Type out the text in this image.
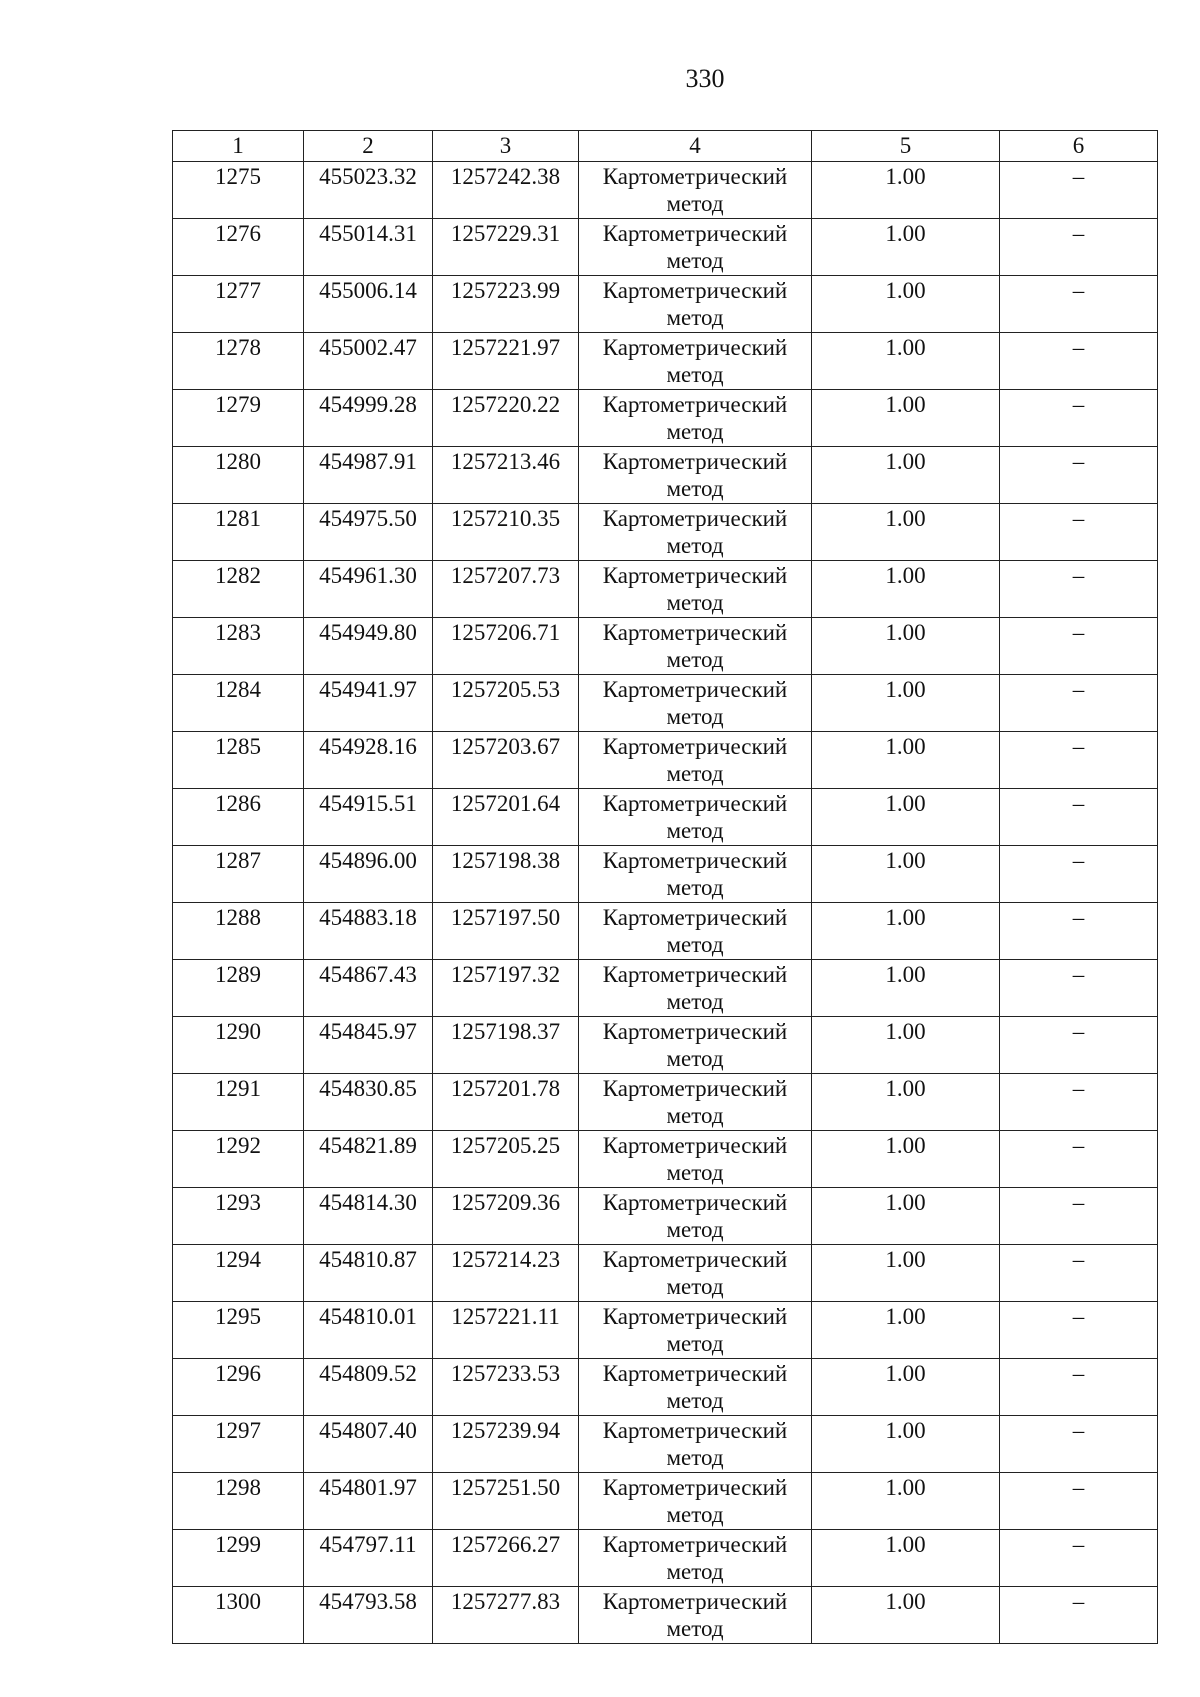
330
1	2	3	4	5	6
1275	455023.32	1257242.38	Картометрический метод	1.00	–
1276	455014.31	1257229.31	Картометрический метод	1.00	–
1277	455006.14	1257223.99	Картометрический метод	1.00	–
1278	455002.47	1257221.97	Картометрический метод	1.00	–
1279	454999.28	1257220.22	Картометрический метод	1.00	–
1280	454987.91	1257213.46	Картометрический метод	1.00	–
1281	454975.50	1257210.35	Картометрический метод	1.00	–
1282	454961.30	1257207.73	Картометрический метод	1.00	–
1283	454949.80	1257206.71	Картометрический метод	1.00	–
1284	454941.97	1257205.53	Картометрический метод	1.00	–
1285	454928.16	1257203.67	Картометрический метод	1.00	–
1286	454915.51	1257201.64	Картометрический метод	1.00	–
1287	454896.00	1257198.38	Картометрический метод	1.00	–
1288	454883.18	1257197.50	Картометрический метод	1.00	–
1289	454867.43	1257197.32	Картометрический метод	1.00	–
1290	454845.97	1257198.37	Картометрический метод	1.00	–
1291	454830.85	1257201.78	Картометрический метод	1.00	–
1292	454821.89	1257205.25	Картометрический метод	1.00	–
1293	454814.30	1257209.36	Картометрический метод	1.00	–
1294	454810.87	1257214.23	Картометрический метод	1.00	–
1295	454810.01	1257221.11	Картометрический метод	1.00	–
1296	454809.52	1257233.53	Картометрический метод	1.00	–
1297	454807.40	1257239.94	Картометрический метод	1.00	–
1298	454801.97	1257251.50	Картометрический метод	1.00	–
1299	454797.11	1257266.27	Картометрический метод	1.00	–
1300	454793.58	1257277.83	Картометрический метод	1.00	–
